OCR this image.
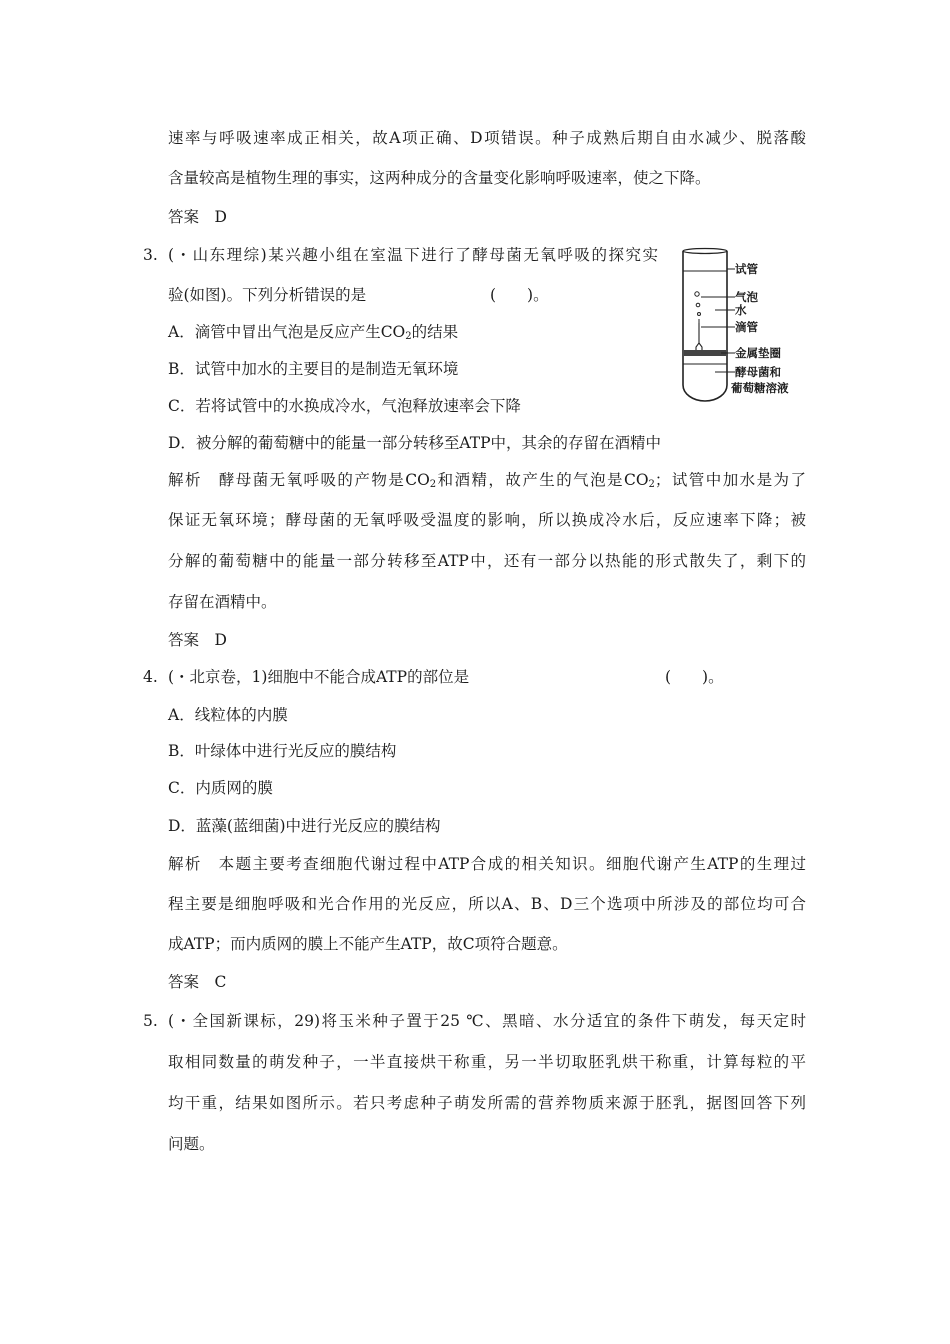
速率与呼吸速率成正相关，故A项正确、D项错误。种子成熟后期自由水减少、脱落酸
含量较高是植物生理的事实，这两种成分的含量变化影响呼吸速率，使之下降。
答案　D
3. (・山东理综)某兴趣小组在室温下进行了酵母菌无氧呼吸的探究实
验(如图)。下列分析错误的是	(　　)。
A．滴管中冒出气泡是反应产生$CO_2$的结果
B．试管中加水的主要目的是制造无氧环境
C．若将试管中的水换成冷水，气泡释放速率会下降
D．被分解的葡萄糖中的能量一部分转移至ATP中，其余的存留在酒精中
解析　酵母菌无氧呼吸的产物是$CO_2$和酒精，故产生的气泡是$CO_2$；试管中加水是为了
保证无氧环境；酵母菌的无氧呼吸受温度的影响，所以换成冷水后，反应速率下降；被
分解的葡萄糖中的能量一部分转移至ATP中，还有一部分以热能的形式散失了，剩下的
存留在酒精中。
答案　D
试管
气泡
水
滴管
金属垫圈
酵母菌和
葡萄糖溶液
4. (・北京卷，1)细胞中不能合成ATP的部位是	(　　)。
A．线粒体的内膜
B．叶绿体中进行光反应的膜结构
C．内质网的膜
D．蓝藻(蓝细菌)中进行光反应的膜结构
解析　本题主要考查细胞代谢过程中ATP合成的相关知识。细胞代谢产生ATP的生理过
程主要是细胞呼吸和光合作用的光反应，所以A、B、D三个选项中所涉及的部位均可合
成ATP；而内质网的膜上不能产生ATP，故C项符合题意。
答案　C
5. (・全国新课标，29)将玉米种子置于25 ℃、黑暗、水分适宜的条件下萌发，每天定时
取相同数量的萌发种子，一半直接烘干称重，另一半切取胚乳烘干称重，计算每粒的平
均干重，结果如图所示。若只考虑种子萌发所需的营养物质来源于胚乳，据图回答下列
问题。
